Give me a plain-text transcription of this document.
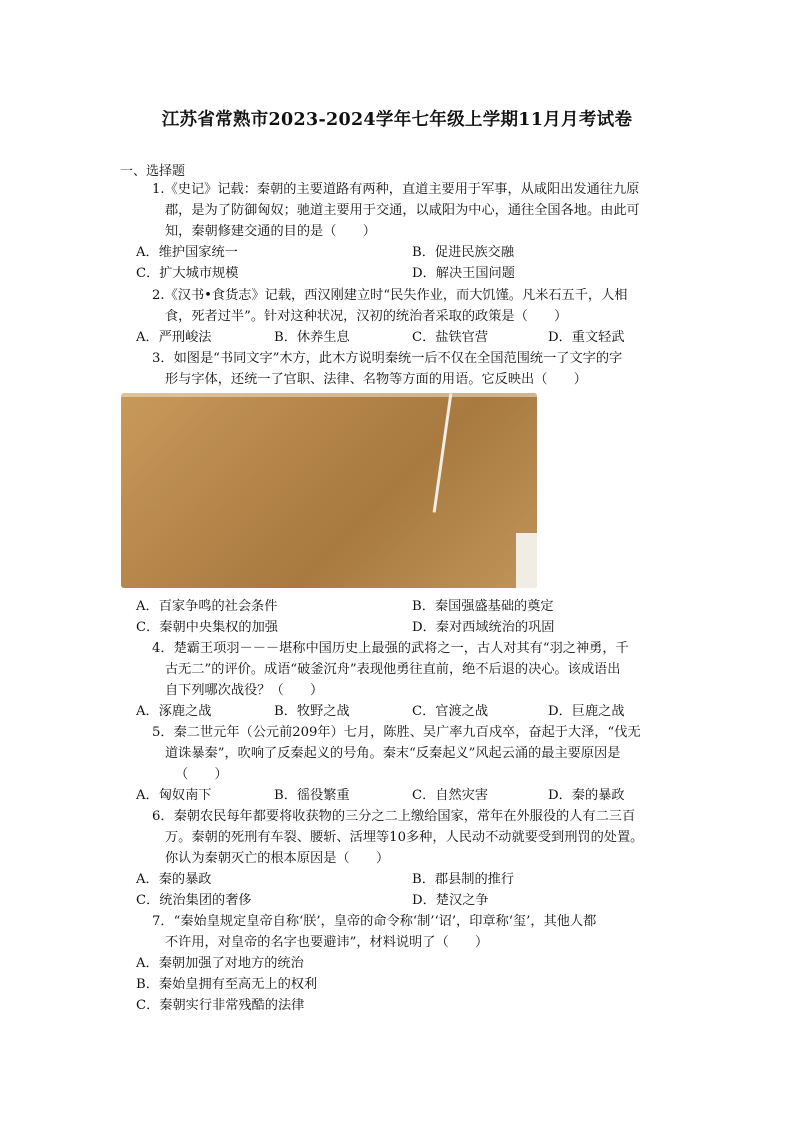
江苏省常熟市2023-2024学年七年级上学期11月月考试卷
一、选择题
1.《史记》记载：秦朝的主要道路有两种，直道主要用于军事，从咸阳出发通往九原
郡，是为了防御匈奴；驰道主要用于交通，以咸阳为中心，通往全国各地。由此可
知，秦朝修建交通的目的是（　　）
A．维护国家统一	B．促进民族交融
C．扩大城市规模	D．解决王国问题
2.《汉书•食货志》记载，西汉刚建立时“民失作业，而大饥馑。凡米石五千，人相
食，死者过半”。针对这种状况，汉初的统治者采取的政策是（　　）
A．严刑峻法	B．休养生息	C．盐铁官营	D．重文轻武
3．如图是“书同文字”木方，此木方说明秦统一后不仅在全国范围统一了文字的字
形与字体，还统一了官职、法律、名物等方面的用语。它反映出（　　）
A．百家争鸣的社会条件	B．秦国强盛基础的奠定
C．秦朝中央集权的加强	D．秦对西域统治的巩固
4．楚霸王项羽－－－堪称中国历史上最强的武将之一，古人对其有“羽之神勇，千
古无二”的评价。成语“破釜沉舟”表现他勇往直前，绝不后退的决心。该成语出
自下列哪次战役？（　　）
A．涿鹿之战	B．牧野之战	C．官渡之战	D．巨鹿之战
5．秦二世元年（公元前209年）七月，陈胜、吴广率九百戍卒，奋起于大泽，“伐无
道诛暴秦”，吹响了反秦起义的号角。秦末“反秦起义”风起云涌的最主要原因是
（　　）
A．匈奴南下	B．徭役繁重	C．自然灾害	D．秦的暴政
6．秦朝农民每年都要将收获物的三分之二上缴给国家，常年在外服役的人有二三百
万。秦朝的死刑有车裂、腰斩、活埋等10多种，人民动不动就要受到刑罚的处置。
你认为秦朝灭亡的根本原因是（　　）
A．秦的暴政	B．郡县制的推行
C．统治集团的奢侈	D．楚汉之争
7．“秦始皇规定皇帝自称‘朕’，皇帝的命令称‘制’‘诏’，印章称‘玺’，其他人都
不许用，对皇帝的名字也要避讳”，材料说明了（　　）
A．秦朝加强了对地方的统治
B．秦始皇拥有至高无上的权利
C．秦朝实行非常残酷的法律
